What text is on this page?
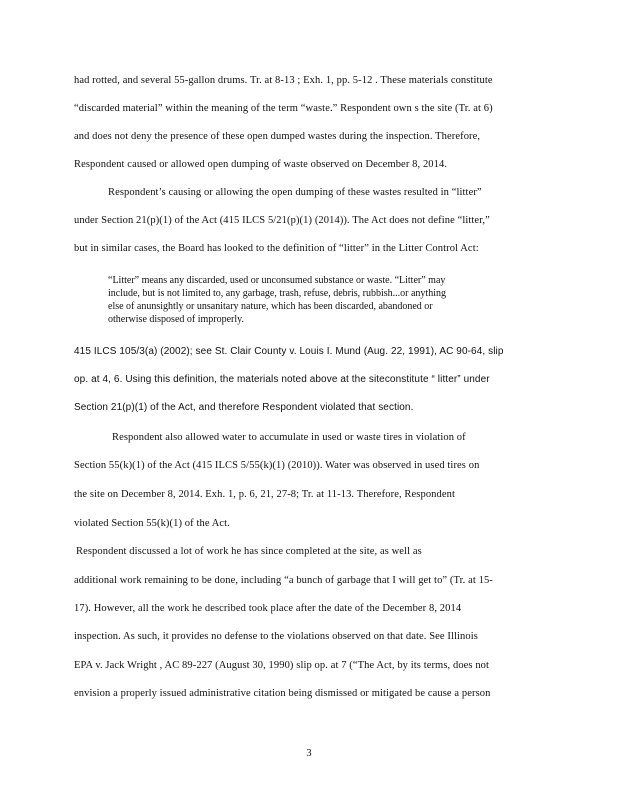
had rotted, and several 55-gallon drums. Tr. at 8-13 ; Exh. 1, pp. 5-12 . These materials constitute
“discarded material” within the meaning of the term “waste.” Respondent own s the site (Tr. at 6)
and does not deny the presence of these open dumped wastes during the inspection. Therefore,
Respondent caused or allowed open dumping of waste observed on December 8, 2014.
Respondent’s causing or allowing the open dumping of these wastes resulted in “litter”
under Section 21(p)(1) of the Act (415 ILCS 5/21(p)(1) (2014)). The Act does not define “litter,”
but in similar cases, the Board has looked to the definition of “litter” in the Litter Control Act:
“Litter” means any discarded, used or unconsumed substance or waste. “Litter” may
include, but is not limited to, any garbage, trash, refuse, debris, rubbish...or anything
else of anunsightly or unsanitary nature, which has been discarded, abandoned or
otherwise disposed of improperly.
415 ILCS 105/3(a) (2002); see St. Clair County v. Louis I. Mund (Aug. 22, 1991), AC 90-64, slip
op. at 4, 6. Using this definition, the materials noted above at the siteconstitute “ litter” under
Section 21(p)(1) of the Act, and therefore Respondent violated that section.
Respondent also allowed water to accumulate in used or waste tires in violation of
Section 55(k)(1) of the Act (415 ILCS 5/55(k)(1) (2010)). Water was observed in used tires on
the site on December 8, 2014. Exh. 1, p. 6, 21, 27-8; Tr. at 11-13. Therefore, Respondent
violated Section 55(k)(1) of the Act.
Respondent discussed a lot of work he has since completed at the site, as well as
additional work remaining to be done, including “a bunch of garbage that I will get to” (Tr. at 15-
17). However, all the work he described took place after the date of the December 8, 2014
inspection. As such, it provides no defense to the violations observed on that date. See Illinois
EPA v. Jack Wright , AC 89-227 (August 30, 1990) slip op. at 7 (“The Act, by its terms, does not
envision a properly issued administrative citation being dismissed or mitigated be cause a person
3
